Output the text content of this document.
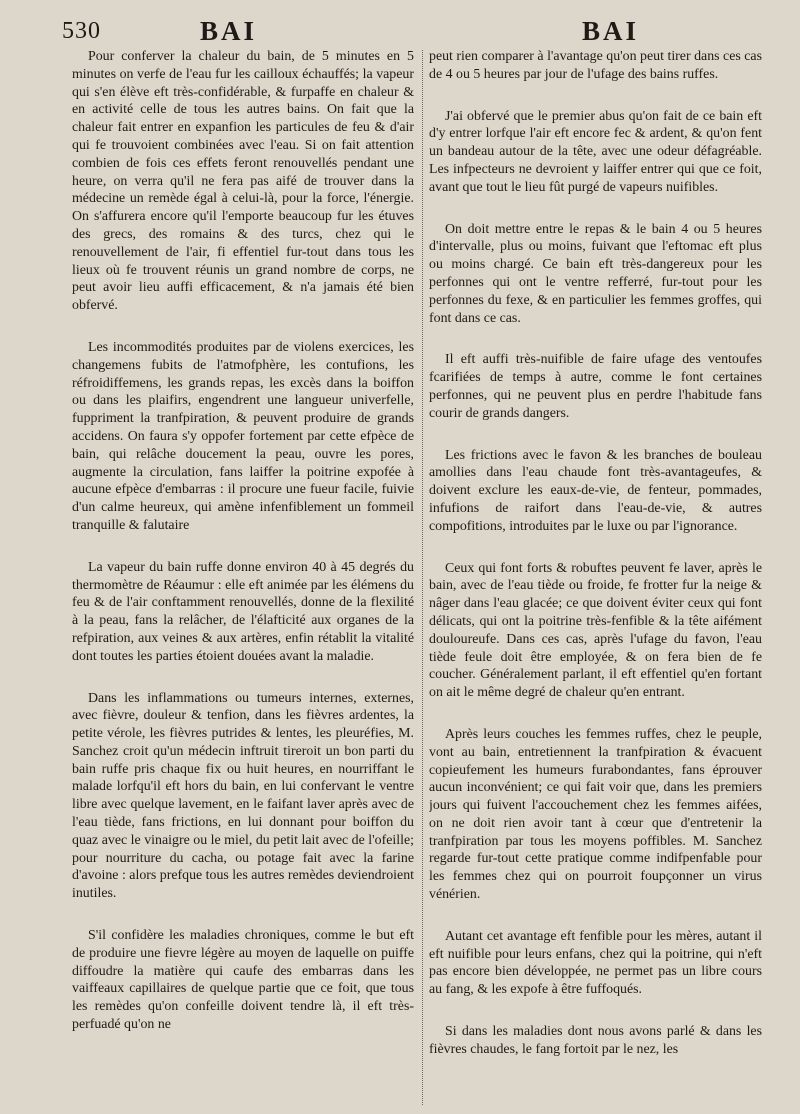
530	BAI	BAI

Pour conferver la chaleur du bain, de 5 minutes en 5 minutes on verfe de l'eau fur les cailloux échauffés; la vapeur qui s'en élève eft très-confidérable, & furpaffe en chaleur & en activité celle de tous les autres bains. On fait que la chaleur fait entrer en expanfion les particules de feu & d'air qui fe trouvoient combinées avec l'eau. Si on fait attention combien de fois ces effets feront renouvellés pendant une heure, on verra qu'il ne fera pas aifé de trouver dans la médecine un remède égal à celui-là, pour la force, l'énergie. On s'affurera encore qu'il l'emporte beaucoup fur les étuves des grecs, des romains & des turcs, chez qui le renouvellement de l'air, fi effentiel fur-tout dans tous les lieux où fe trouvent réunis un grand nombre de corps, ne peut avoir lieu auffi efficacement, & n'a jamais été bien obfervé.

Les incommodités produites par de violens exercices, les changemens fubits de l'atmofphère, les contufions, les réfroidiffemens, les grands repas, les excès dans la boiffon ou dans les plaifirs, engendrent une langueur univerfelle, fuppriment la tranfpiration, & peuvent produire de grands accidens. On faura s'y oppofer fortement par cette efpèce de bain, qui relâche doucement la peau, ouvre les pores, augmente la circulation, fans laiffer la poitrine expofée à aucune efpèce d'embarras : il procure une fueur facile, fuivie d'un calme heureux, qui amène infenfiblement un fommeil tranquille & falutaire

La vapeur du bain ruffe donne environ 40 à 45 degrés du thermomètre de Réaumur : elle eft animée par les élémens du feu & de l'air conftamment renouvellés, donne de la flexilité à la peau, fans la relâcher, de l'élafticité aux organes de la refpiration, aux veines & aux artères, enfin rétablit la vitalité dont toutes les parties étoient douées avant la maladie.

Dans les inflammations ou tumeurs internes, externes, avec fièvre, douleur & tenfion, dans les fièvres ardentes, la petite vérole, les fièvres putrides & lentes, les pleuréfies, M. Sanchez croit qu'un médecin inftruit tireroit un bon parti du bain ruffe pris chaque fix ou huit heures, en nourriffant le malade lorfqu'il eft hors du bain, en lui confervant le ventre libre avec quelque lavement, en le faifant laver après avec de l'eau tiède, fans frictions, en lui donnant pour boiffon du quaz avec le vinaigre ou le miel, du petit lait avec de l'ofeille; pour nourriture du cacha, ou potage fait avec la farine d'avoine : alors prefque tous les autres remèdes deviendroient inutiles.

S'il confidère les maladies chroniques, comme le but eft de produire une fievre légère au moyen de laquelle on puiffe diffoudre la matière qui caufe des embarras dans les vaiffeaux capillaires de quelque partie que ce foit, que tous les remèdes qu'on confeille doivent tendre là, il eft très-perfuadé qu'on ne

peut rien comparer à l'avantage qu'on peut tirer dans ces cas de 4 ou 5 heures par jour de l'ufage des bains ruffes.

J'ai obfervé que le premier abus qu'on fait de ce bain eft d'y entrer lorfque l'air eft encore fec & ardent, & qu'on fent un bandeau autour de la tête, avec une odeur défagréable. Les infpecteurs ne devroient y laiffer entrer qui que ce foit, avant que tout le lieu fût purgé de vapeurs nuifibles.

On doit mettre entre le repas & le bain 4 ou 5 heures d'intervalle, plus ou moins, fuivant que l'eftomac eft plus ou moins chargé. Ce bain eft très-dangereux pour les perfonnes qui ont le ventre refferré, fur-tout pour les perfonnes du fexe, & en particulier les femmes groffes, qui font dans ce cas.

Il eft auffi très-nuifible de faire ufage des ventoufes fcarifiées de temps à autre, comme le font certaines perfonnes, qui ne peuvent plus en perdre l'habitude fans courir de grands dangers.

Les frictions avec le favon & les branches de bouleau amollies dans l'eau chaude font très-avantageufes, & doivent exclure les eaux-de-vie, de fenteur, pommades, infufions de raifort dans l'eau-de-vie, & autres compofitions, introduites par le luxe ou par l'ignorance.

Ceux qui font forts & robuftes peuvent fe laver, après le bain, avec de l'eau tiède ou froide, fe frotter fur la neige & nâger dans l'eau glacée; ce que doivent éviter ceux qui font délicats, qui ont la poitrine très-fenfible & la tête aifément douloureufe. Dans ces cas, après l'ufage du favon, l'eau tiède feule doit être employée, & on fera bien de fe coucher. Généralement parlant, il eft effentiel qu'en fortant on ait le même degré de chaleur qu'en entrant.

Après leurs couches les femmes ruffes, chez le peuple, vont au bain, entretiennent la tranfpiration & évacuent copieufement les humeurs furabondantes, fans éprouver aucun inconvénient; ce qui fait voir que, dans les premiers jours qui fuivent l'accouchement chez les femmes aifées, on ne doit rien avoir tant à cœur que d'entretenir la tranfpiration par tous les moyens poffibles. M. Sanchez regarde fur-tout cette pratique comme indifpenfable pour les femmes chez qui on pourroit foupçonner un virus vénérien.

Autant cet avantage eft fenfible pour les mères, autant il eft nuifible pour leurs enfans, chez qui la poitrine, qui n'eft pas encore bien développée, ne permet pas un libre cours au fang, & les expofe à être fuffoqués.

Si dans les maladies dont nous avons parlé & dans les fièvres chaudes, le fang fortoit par le nez, les
